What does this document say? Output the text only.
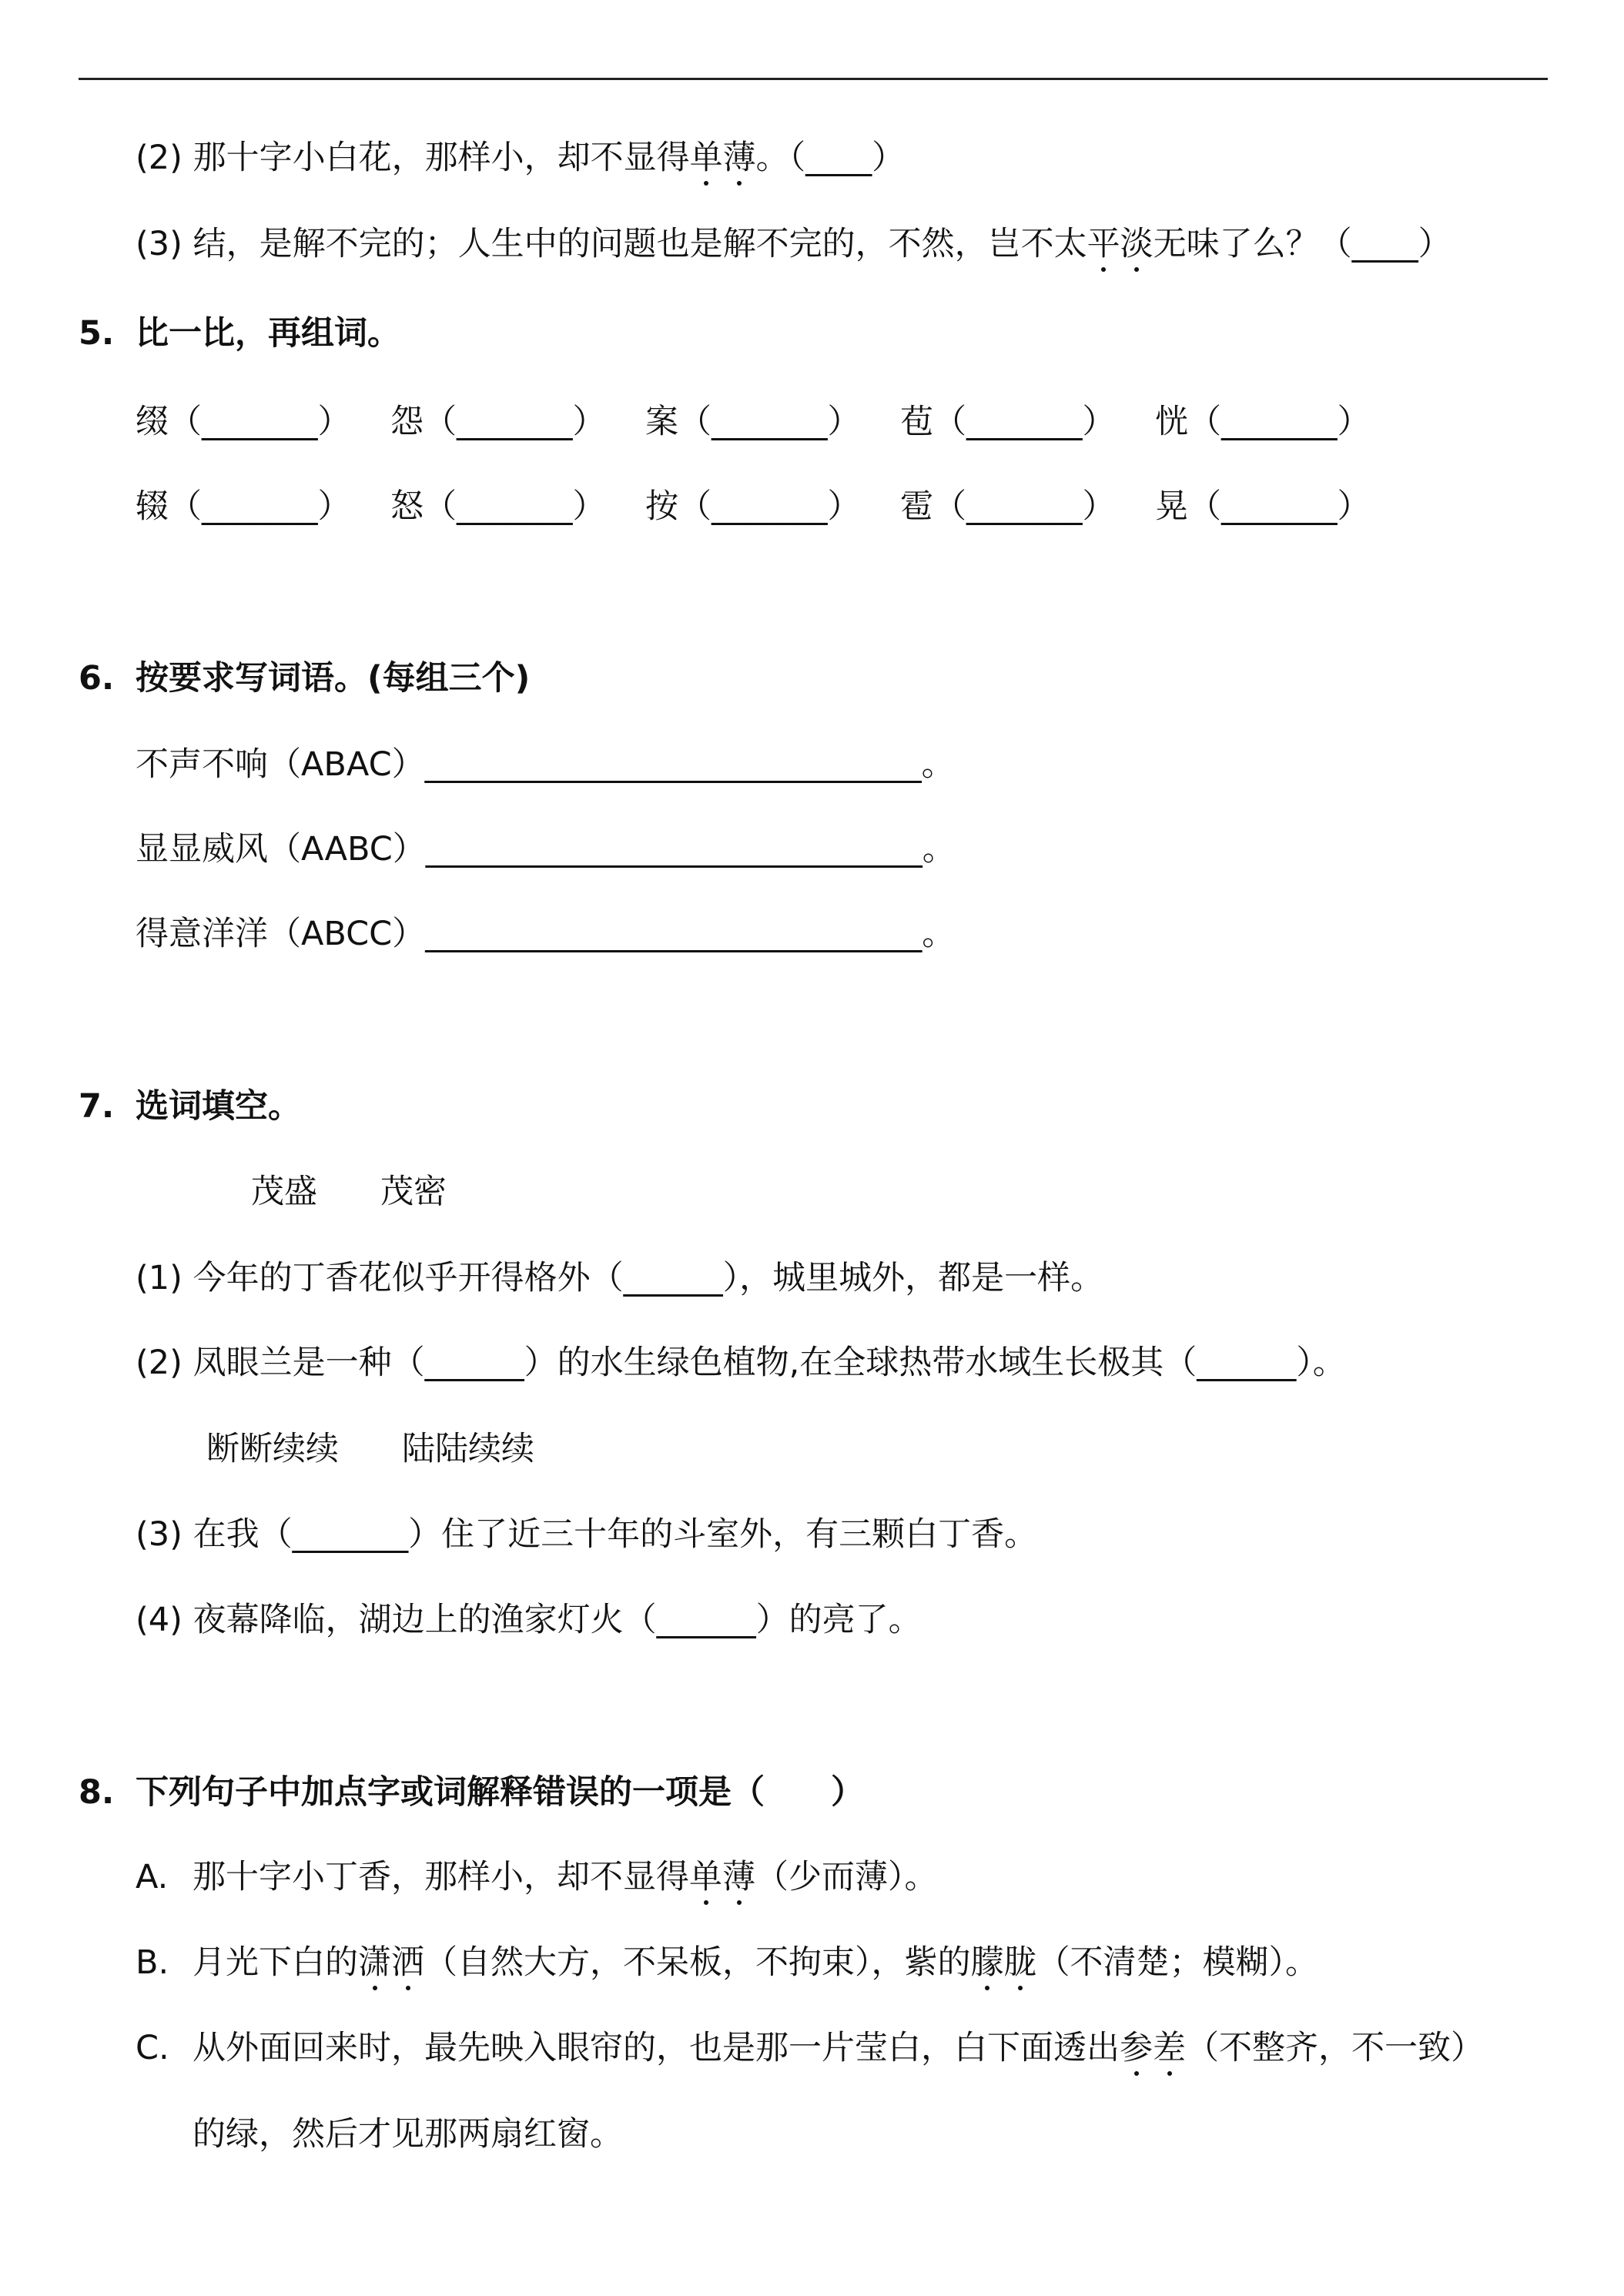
(2) 那十字小白花，那样小，却不显得单薄。（____）
(3) 结，是解不完的；人生中的问题也是解不完的，不然，岂不太平淡无味了么？（____）
5. 比一比，再组词。
缀（_______） 怨（_______） 案（_______） 苞（_______） 恍（_______）
辍（_______） 怒（_______） 按（_______） 雹（_______） 晃（_______）
6. 按要求写词语。(每组三个)
不声不响（ABAC）______________________________。
显显威风（AABC）______________________________。
得意洋洋（ABCC）______________________________。
7. 选词填空。
茂盛      茂密
(1) 今年的丁香花似乎开得格外（______），城里城外，都是一样。
(2) 凤眼兰是一种（______）的水生绿色植物,在全球热带水域生长极其（______）。
断断续续      陆陆续续
(3) 在我（_______）住了近三十年的斗室外，有三颗白丁香。
(4) 夜幕降临，湖边上的渔家灯火（______）的亮了。
8. 下列句子中加点字或词解释错误的一项是（　　）
A. 那十字小丁香，那样小，却不显得单薄（少而薄）。
B. 月光下白的潇洒（自然大方，不呆板，不拘束），紫的朦胧（不清楚；模糊）。
C. 从外面回来时，最先映入眼帘的，也是那一片莹白，白下面透出参差（不整齐，不一致）
的绿，然后才见那两扇红窗。
